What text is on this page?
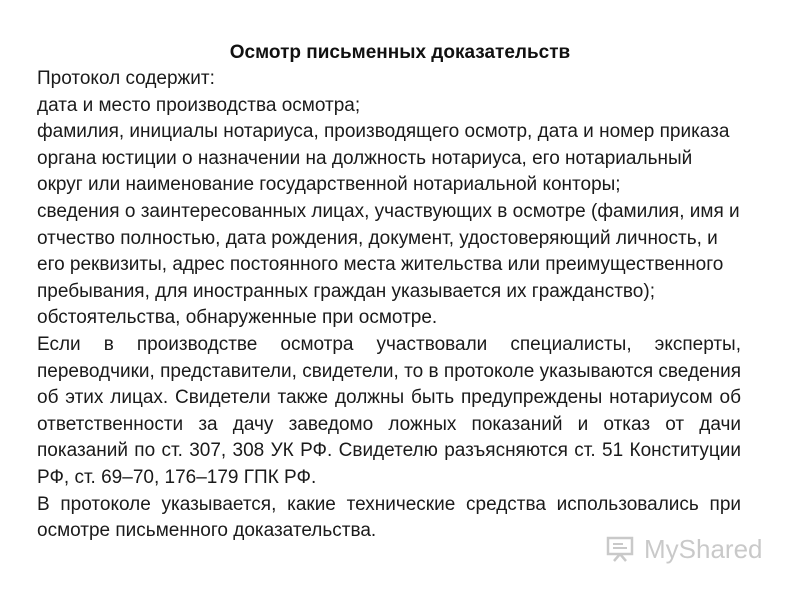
Осмотр письменных доказательств

Протокол содержит:

дата и место производства осмотра;

фамилия, инициалы нотариуса, производящего осмотр, дата и номер приказа органа юстиции о назначении на должность нотариуса, его нотариальный округ или наименование государственной нотариальной конторы;

сведения о заинтересованных лицах, участвующих в осмотре (фамилия, имя и отчество полностью, дата рождения, документ, удостоверяющий личность, и его реквизиты, адрес постоянного места жительства или преимущественного пребывания, для иностранных граждан указывается их гражданство);

обстоятельства, обнаруженные при осмотре.

Если в производстве осмотра участвовали специалисты, эксперты, переводчики, представители, свидетели, то в протоколе указываются сведения об этих лицах. Свидетели также должны быть предупреждены нотариусом об ответственности за дачу заведомо ложных показаний и отказ от дачи показаний по ст. 307, 308 УК РФ. Свидетелю разъясняются ст. 51 Конституции РФ, ст. 69–70, 176–179 ГПК РФ.

В протоколе указывается, какие технические средства использовались при осмотре письменного доказательства.

MyShared
